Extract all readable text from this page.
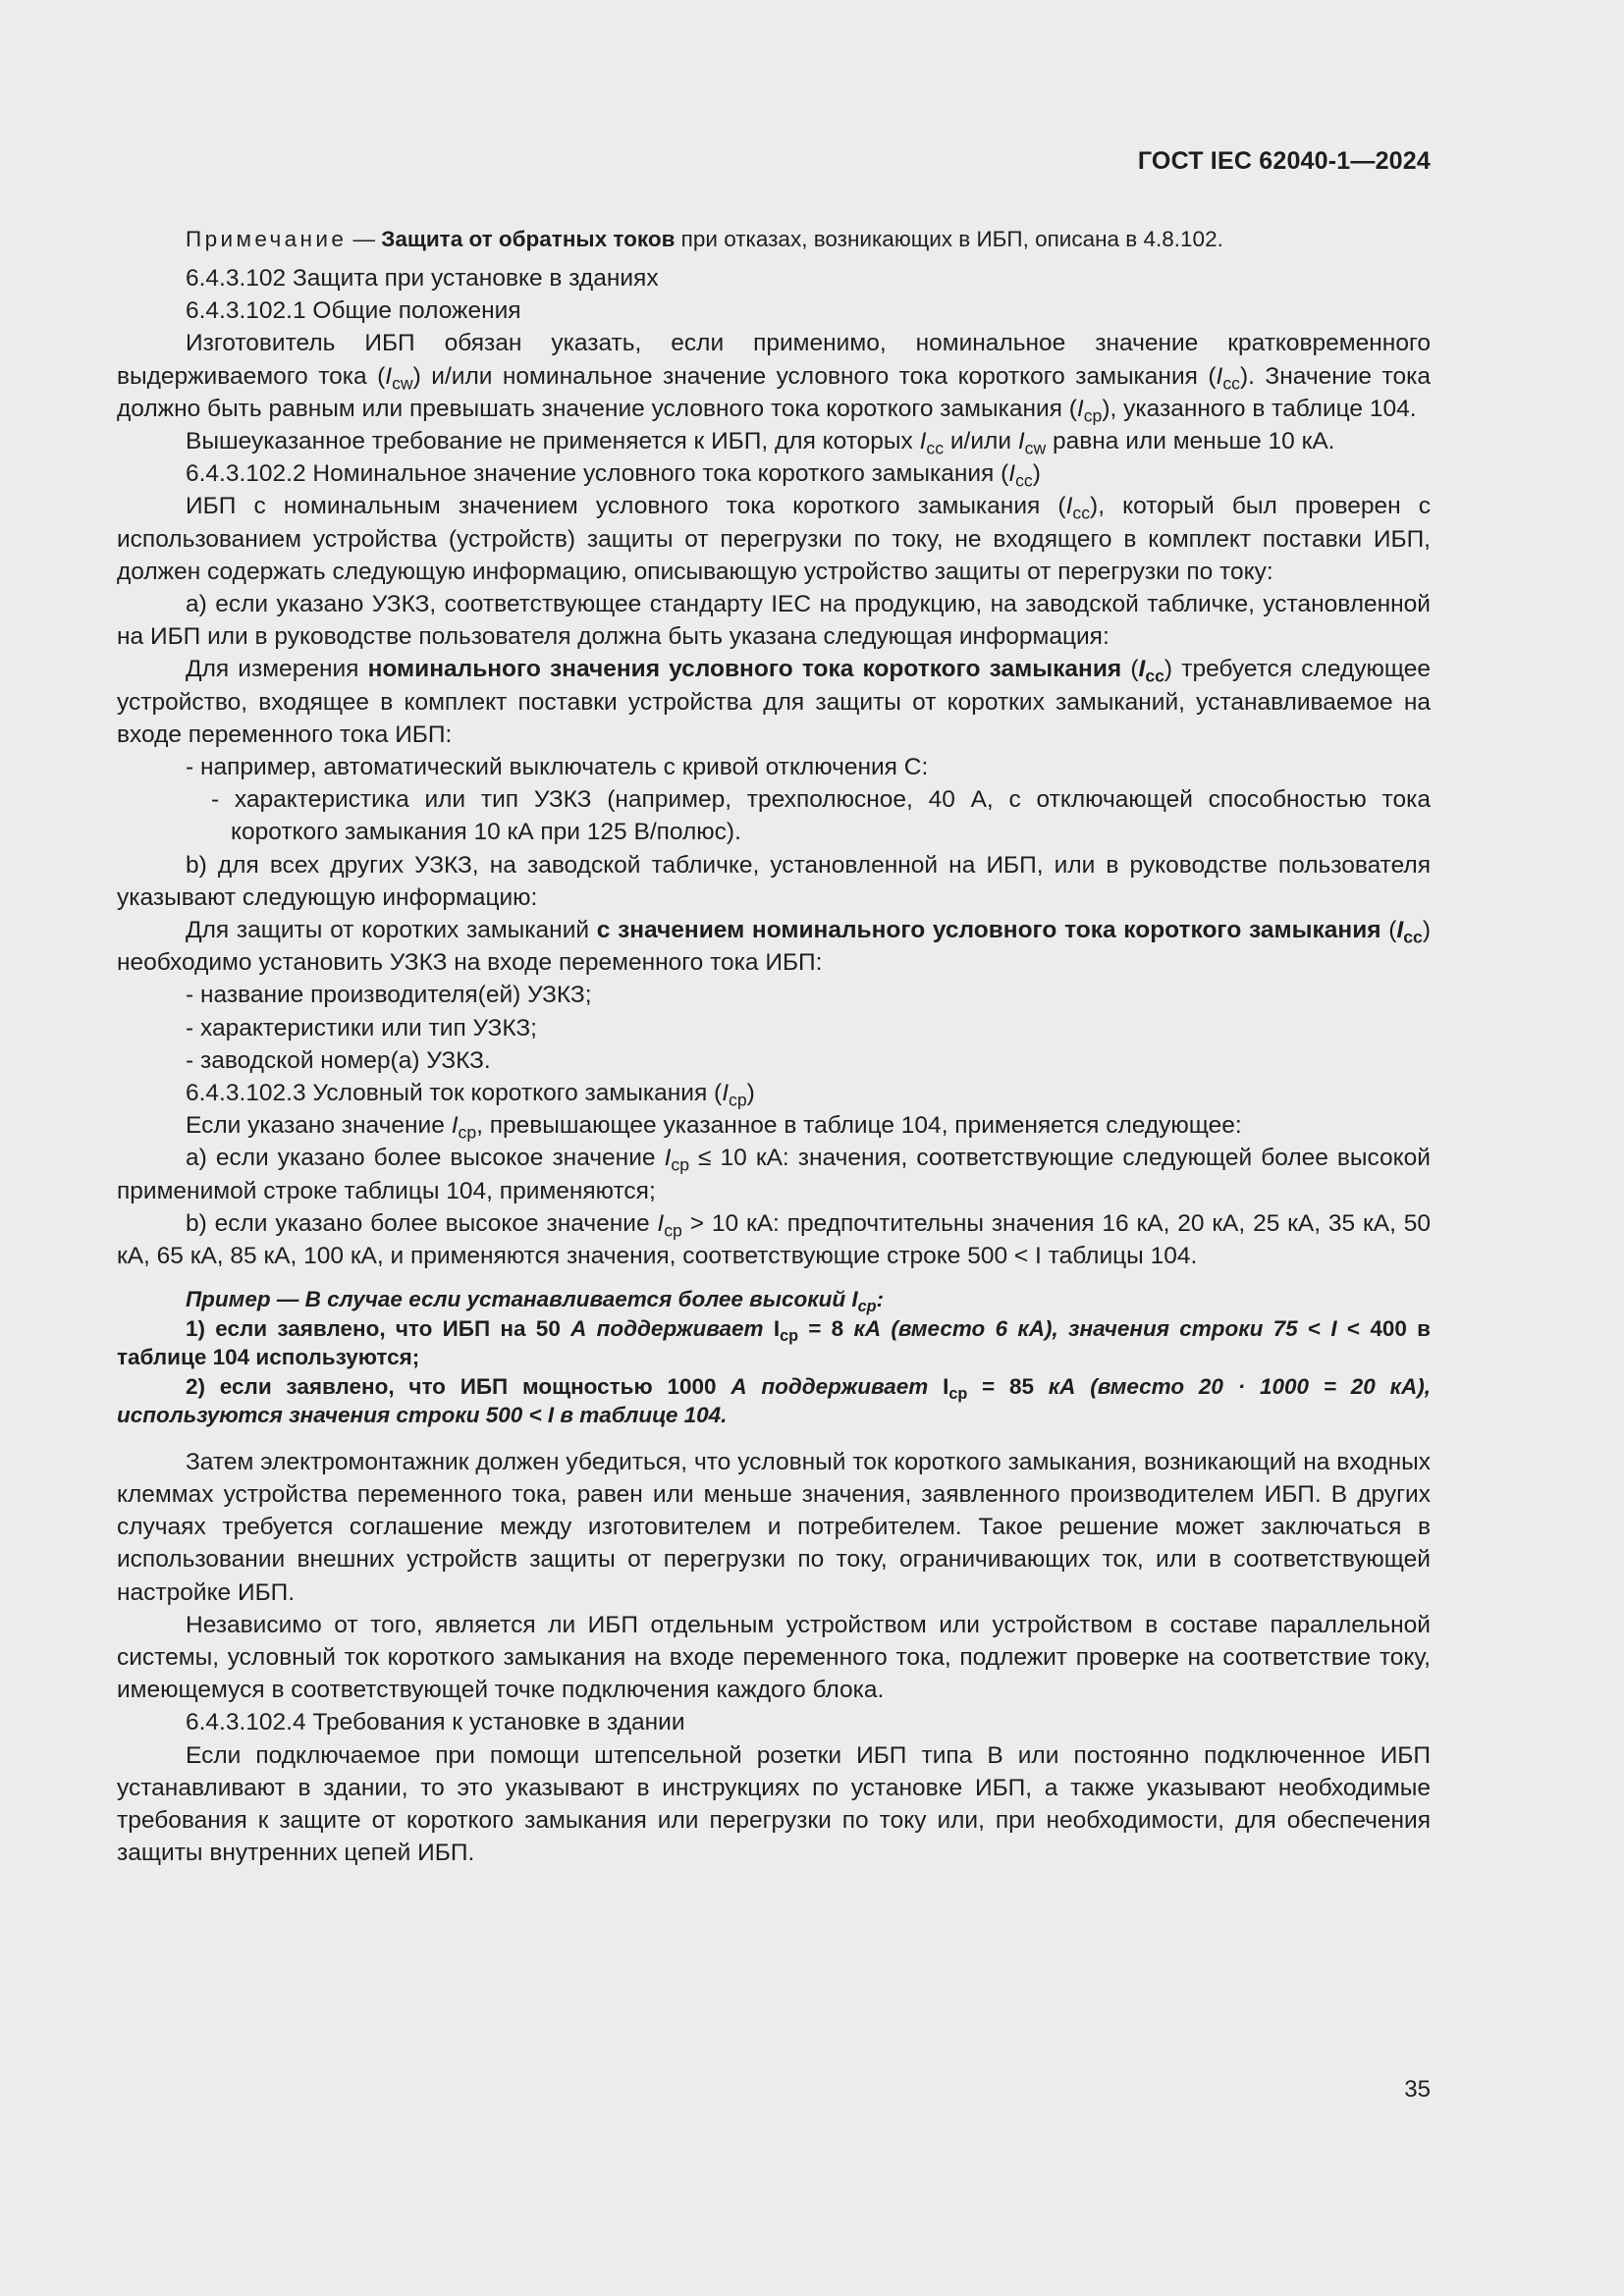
ГОСТ IEC 62040-1—2024

Примечание — Защита от обратных токов при отказах, возникающих в ИБП, описана в 4.8.102.

6.4.3.102 Защита при установке в зданиях

6.4.3.102.1 Общие положения

Изготовитель ИБП обязан указать, если применимо, номинальное значение кратковременного выдерживаемого тока $(I_{cw})$ и/или номинальное значение условного тока короткого замыкания $(I_{cc})$. Значение тока должно быть равным или превышать значение условного тока короткого замыкания $(I_{cp})$, указанного в таблице 104.

Вышеуказанное требование не применяется к ИБП, для которых $I_{cc}$ и/или $I_{cw}$ равна или меньше 10 кА.

6.4.3.102.2 Номинальное значение условного тока короткого замыкания $(I_{cc})$

ИБП с номинальным значением условного тока короткого замыкания $(I_{cc})$, который был проверен с использованием устройства (устройств) защиты от перегрузки по току, не входящего в комплект поставки ИБП, должен содержать следующую информацию, описывающую устройство защиты от перегрузки по току:

а) если указано УЗКЗ, соответствующее стандарту IEC на продукцию, на заводской табличке, установленной на ИБП или в руководстве пользователя должна быть указана следующая информация:

Для измерения номинального значения условного тока короткого замыкания $(I_{cc})$ требуется следующее устройство, входящее в комплект поставки устройства для защиты от коротких замыканий, устанавливаемое на входе переменного тока ИБП:

- например, автоматический выключатель с кривой отключения С:

- характеристика или тип УЗКЗ (например, трехполюсное, 40 А, с отключающей способностью тока короткого замыкания 10 кА при 125 В/полюс).

b) для всех других УЗКЗ, на заводской табличке, установленной на ИБП, или в руководстве пользователя указывают следующую информацию:

Для защиты от коротких замыканий с значением номинального условного тока короткого замыкания $(I_{cc})$ необходимо установить УЗКЗ на входе переменного тока ИБП:

- название производителя(ей) УЗКЗ;

- характеристики или тип УЗКЗ;

- заводской номер(а) УЗКЗ.

6.4.3.102.3 Условный ток короткого замыкания $(I_{cp})$

Если указано значение $I_{cp}$, превышающее указанное в таблице 104, применяется следующее:

а) если указано более высокое значение $I_{cp} \le 10$ кА: значения, соответствующие следующей более высокой применимой строке таблицы 104, применяются;

b) если указано более высокое значение $I_{cp} > 10$ кА: предпочтительны значения 16 кА, 20 кА, 25 кА, 35 кА, 50 кА, 65 кА, 85 кА, 100 кА, и применяются значения, соответствующие строке 500 < I таблицы 104.

Пример — В случае если устанавливается более высокий $I_{cp}$:

1) если заявлено, что ИБП на 50 А поддерживает $I_{cp} = 8$ кА (вместо 6 кА), значения строки 75 < I < 400 в таблице 104 используются;

2) если заявлено, что ИБП мощностью 1000 А поддерживает $I_{cp} = 85$ кА (вместо 20 · 1000 = 20 кА), используются значения строки 500 < I в таблице 104.

Затем электромонтажник должен убедиться, что условный ток короткого замыкания, возникающий на входных клеммах устройства переменного тока, равен или меньше значения, заявленного производителем ИБП. В других случаях требуется соглашение между изготовителем и потребителем. Такое решение может заключаться в использовании внешних устройств защиты от перегрузки по току, ограничивающих ток, или в соответствующей настройке ИБП.

Независимо от того, является ли ИБП отдельным устройством или устройством в составе параллельной системы, условный ток короткого замыкания на входе переменного тока, подлежит проверке на соответствие току, имеющемуся в соответствующей точке подключения каждого блока.

6.4.3.102.4 Требования к установке в здании

Если подключаемое при помощи штепсельной розетки ИБП типа В или постоянно подключенное ИБП устанавливают в здании, то это указывают в инструкциях по установке ИБП, а также указывают необходимые требования к защите от короткого замыкания или перегрузки по току или, при необходимости, для обеспечения защиты внутренних цепей ИБП.

35
